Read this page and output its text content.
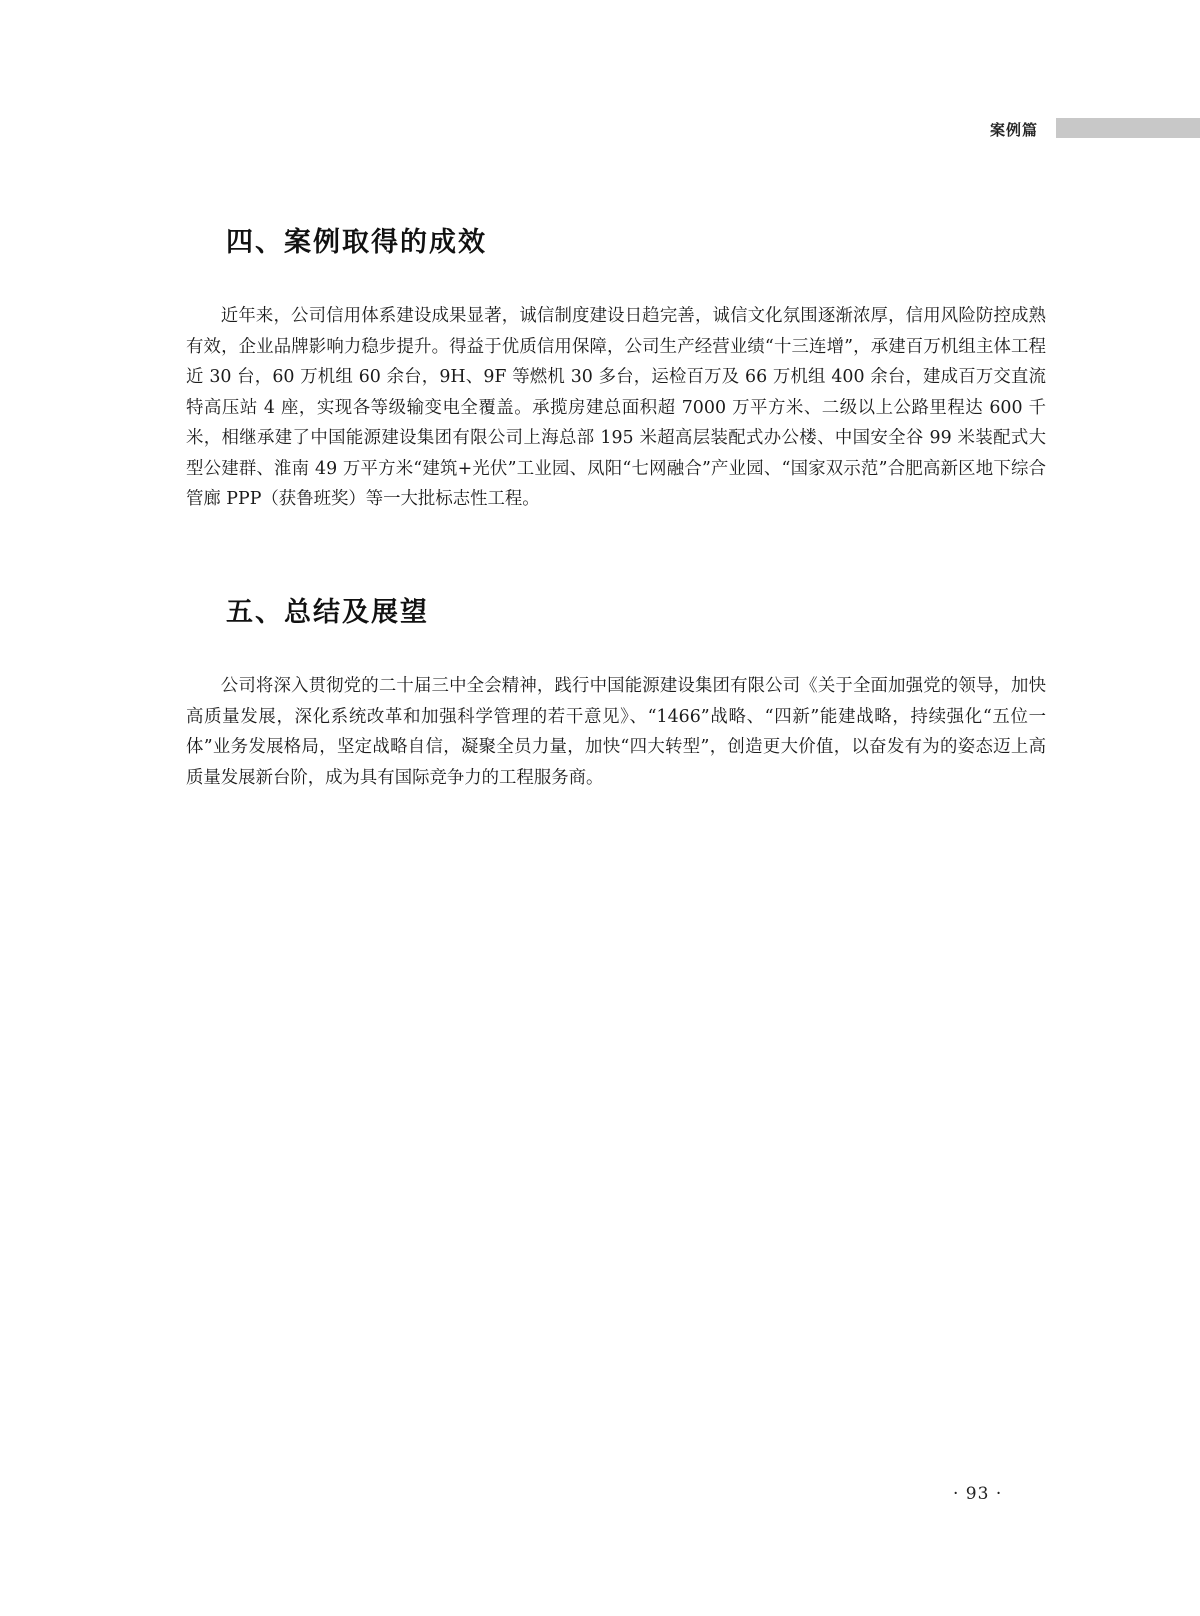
案例篇
四、案例取得的成效

近年来，公司信用体系建设成果显著，诚信制度建设日趋完善，诚信文化氛围逐渐浓厚，信用风险防控成熟有效，企业品牌影响力稳步提升。得益于优质信用保障，公司生产经营业绩“十三连增”，承建百万机组主体工程近 30 台，60 万机组 60 余台，9H、9F 等燃机 30 多台，运检百万及 66 万机组 400 余台，建成百万交直流特高压站 4 座，实现各等级输变电全覆盖。承揽房建总面积超 7000 万平方米、二级以上公路里程达 600 千米，相继承建了中国能源建设集团有限公司上海总部 195 米超高层装配式办公楼、中国安全谷 99 米装配式大型公建群、淮南 49 万平方米“建筑+光伏”工业园、凤阳“七网融合”产业园、“国家双示范”合肥高新区地下综合管廊 PPP（获鲁班奖）等一大批标志性工程。

五、总结及展望

公司将深入贯彻党的二十届三中全会精神，践行中国能源建设集团有限公司《关于全面加强党的领导，加快高质量发展，深化系统改革和加强科学管理的若干意见》、“1466”战略、“四新”能建战略，持续强化“五位一体”业务发展格局，坚定战略自信，凝聚全员力量，加快“四大转型”，创造更大价值，以奋发有为的姿态迈上高质量发展新台阶，成为具有国际竞争力的工程服务商。

· 93 ·
